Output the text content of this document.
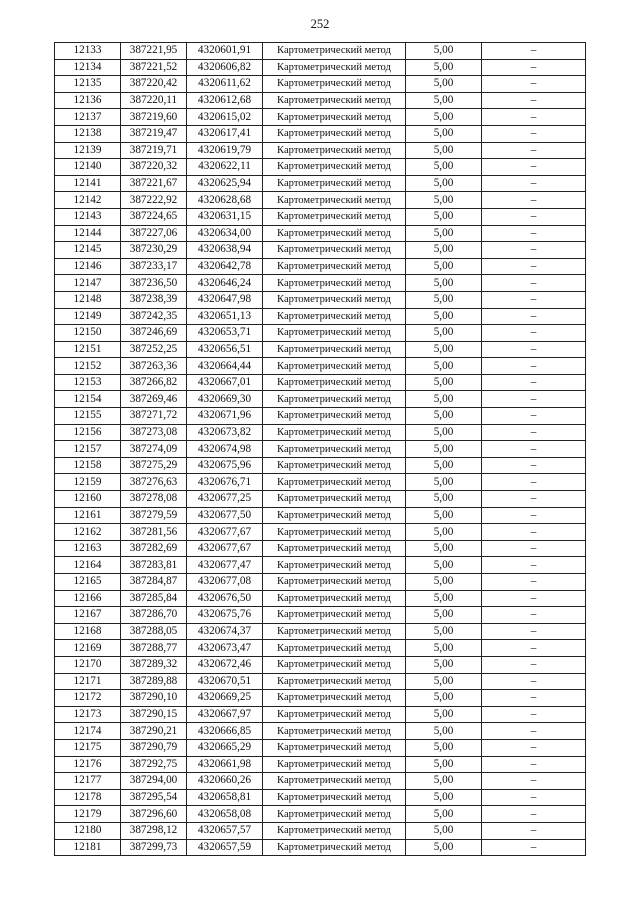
252
12133	387221,95	4320601,91	Картометрический метод	5,00	–
12134	387221,52	4320606,82	Картометрический метод	5,00	–
12135	387220,42	4320611,62	Картометрический метод	5,00	–
12136	387220,11	4320612,68	Картометрический метод	5,00	–
12137	387219,60	4320615,02	Картометрический метод	5,00	–
12138	387219,47	4320617,41	Картометрический метод	5,00	–
12139	387219,71	4320619,79	Картометрический метод	5,00	–
12140	387220,32	4320622,11	Картометрический метод	5,00	–
12141	387221,67	4320625,94	Картометрический метод	5,00	–
12142	387222,92	4320628,68	Картометрический метод	5,00	–
12143	387224,65	4320631,15	Картометрический метод	5,00	–
12144	387227,06	4320634,00	Картометрический метод	5,00	–
12145	387230,29	4320638,94	Картометрический метод	5,00	–
12146	387233,17	4320642,78	Картометрический метод	5,00	–
12147	387236,50	4320646,24	Картометрический метод	5,00	–
12148	387238,39	4320647,98	Картометрический метод	5,00	–
12149	387242,35	4320651,13	Картометрический метод	5,00	–
12150	387246,69	4320653,71	Картометрический метод	5,00	–
12151	387252,25	4320656,51	Картометрический метод	5,00	–
12152	387263,36	4320664,44	Картометрический метод	5,00	–
12153	387266,82	4320667,01	Картометрический метод	5,00	–
12154	387269,46	4320669,30	Картометрический метод	5,00	–
12155	387271,72	4320671,96	Картометрический метод	5,00	–
12156	387273,08	4320673,82	Картометрический метод	5,00	–
12157	387274,09	4320674,98	Картометрический метод	5,00	–
12158	387275,29	4320675,96	Картометрический метод	5,00	–
12159	387276,63	4320676,71	Картометрический метод	5,00	–
12160	387278,08	4320677,25	Картометрический метод	5,00	–
12161	387279,59	4320677,50	Картометрический метод	5,00	–
12162	387281,56	4320677,67	Картометрический метод	5,00	–
12163	387282,69	4320677,67	Картометрический метод	5,00	–
12164	387283,81	4320677,47	Картометрический метод	5,00	–
12165	387284,87	4320677,08	Картометрический метод	5,00	–
12166	387285,84	4320676,50	Картометрический метод	5,00	–
12167	387286,70	4320675,76	Картометрический метод	5,00	–
12168	387288,05	4320674,37	Картометрический метод	5,00	–
12169	387288,77	4320673,47	Картометрический метод	5,00	–
12170	387289,32	4320672,46	Картометрический метод	5,00	–
12171	387289,88	4320670,51	Картометрический метод	5,00	–
12172	387290,10	4320669,25	Картометрический метод	5,00	–
12173	387290,15	4320667,97	Картометрический метод	5,00	–
12174	387290,21	4320666,85	Картометрический метод	5,00	–
12175	387290,79	4320665,29	Картометрический метод	5,00	–
12176	387292,75	4320661,98	Картометрический метод	5,00	–
12177	387294,00	4320660,26	Картометрический метод	5,00	–
12178	387295,54	4320658,81	Картометрический метод	5,00	–
12179	387296,60	4320658,08	Картометрический метод	5,00	–
12180	387298,12	4320657,57	Картометрический метод	5,00	–
12181	387299,73	4320657,59	Картометрический метод	5,00	–
